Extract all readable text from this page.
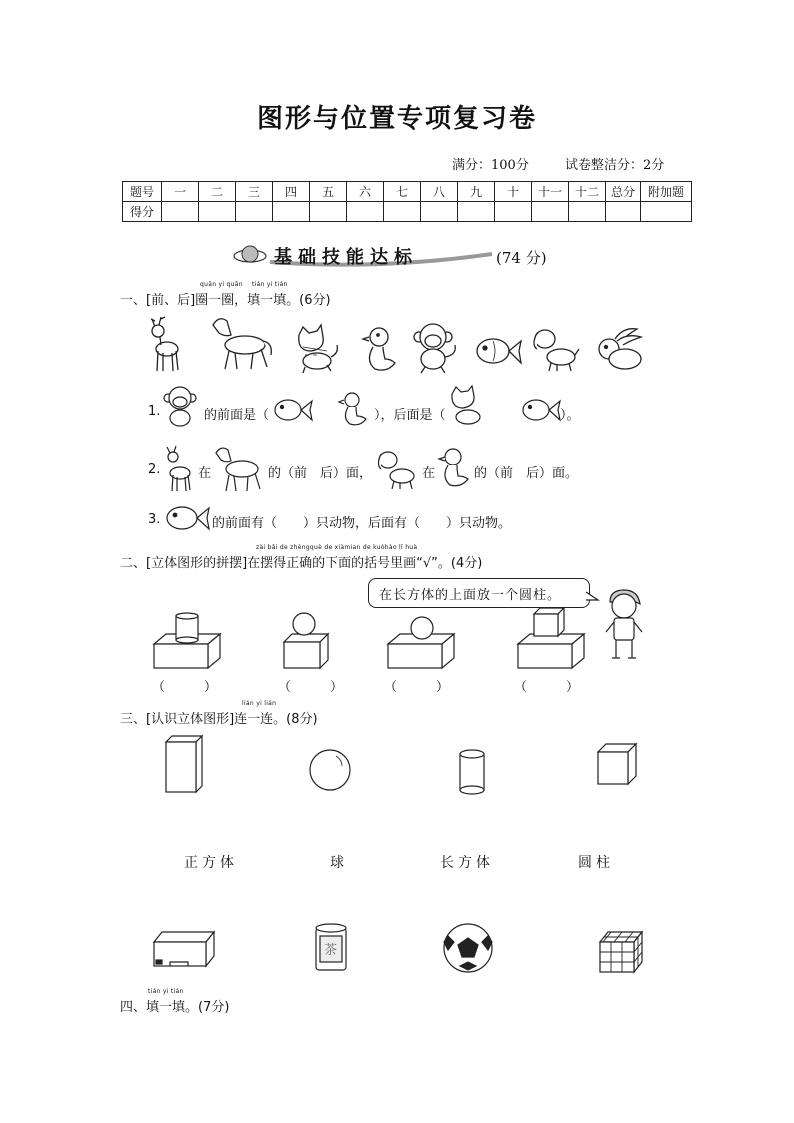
图形与位置专项复习卷
满分：100分	试卷整洁分：2分
题号	一	二	三	四	五	六	七	八	九	十	十一	十二	总分	附加题
得分														
基础技能达标	(74 分)
quān yi quān tián yi tián
一、[前、后]圈一圈，填一填。(6分)
1.	的前面是（	），后面是（	）。
2.	在	的（前　后）面，	在	的（前　后）面。
3.	的前面有（　　）只动物，后面有（　　）只动物。
zài bǎi de zhèngquè de xiàmian de kuòhào lǐ huà
二、[立体图形的拼摆]在摆得正确的下面的括号里画“√”。(4分)
在长方体的上面放一个圆柱。
（　　　）	（　　　）	（　　　）	（　　　）
lián yi lián
三、[认识立体图形]连一连。(8分)
正方体	球	长方体	圆柱
茶
tián yi tián
四、填一填。(7分)
